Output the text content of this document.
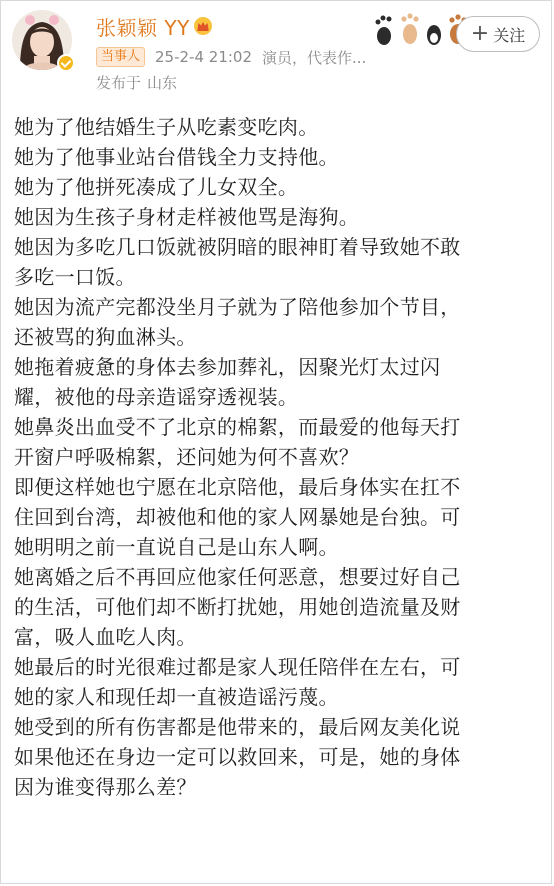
张颖颖 YY
当事人	25-2-4 21:02 演员，代表作...
发布于 山东
+ 关注
她为了他结婚生子从吃素变吃肉。
她为了他事业站台借钱全力支持他。
她为了他拼死凑成了儿女双全。
她因为生孩子身材走样被他骂是海狗。
她因为多吃几口饭就被阴暗的眼神盯着导致她不敢
多吃一口饭。
她因为流产完都没坐月子就为了陪他参加个节目，
还被骂的狗血淋头。
她拖着疲惫的身体去参加葬礼，因聚光灯太过闪
耀，被他的母亲造谣穿透视装。
她鼻炎出血受不了北京的棉絮，而最爱的他每天打
开窗户呼吸棉絮，还问她为何不喜欢？
即便这样她也宁愿在北京陪他，最后身体实在扛不
住回到台湾，却被他和他的家人网暴她是台独。可
她明明之前一直说自己是山东人啊。
她离婚之后不再回应他家任何恶意，想要过好自己
的生活，可他们却不断打扰她，用她创造流量及财
富，吸人血吃人肉。
她最后的时光很难过都是家人现任陪伴在左右，可
她的家人和现任却一直被造谣污蔑。
她受到的所有伤害都是他带来的，最后网友美化说
如果他还在身边一定可以救回来，可是，她的身体
因为谁变得那么差？
